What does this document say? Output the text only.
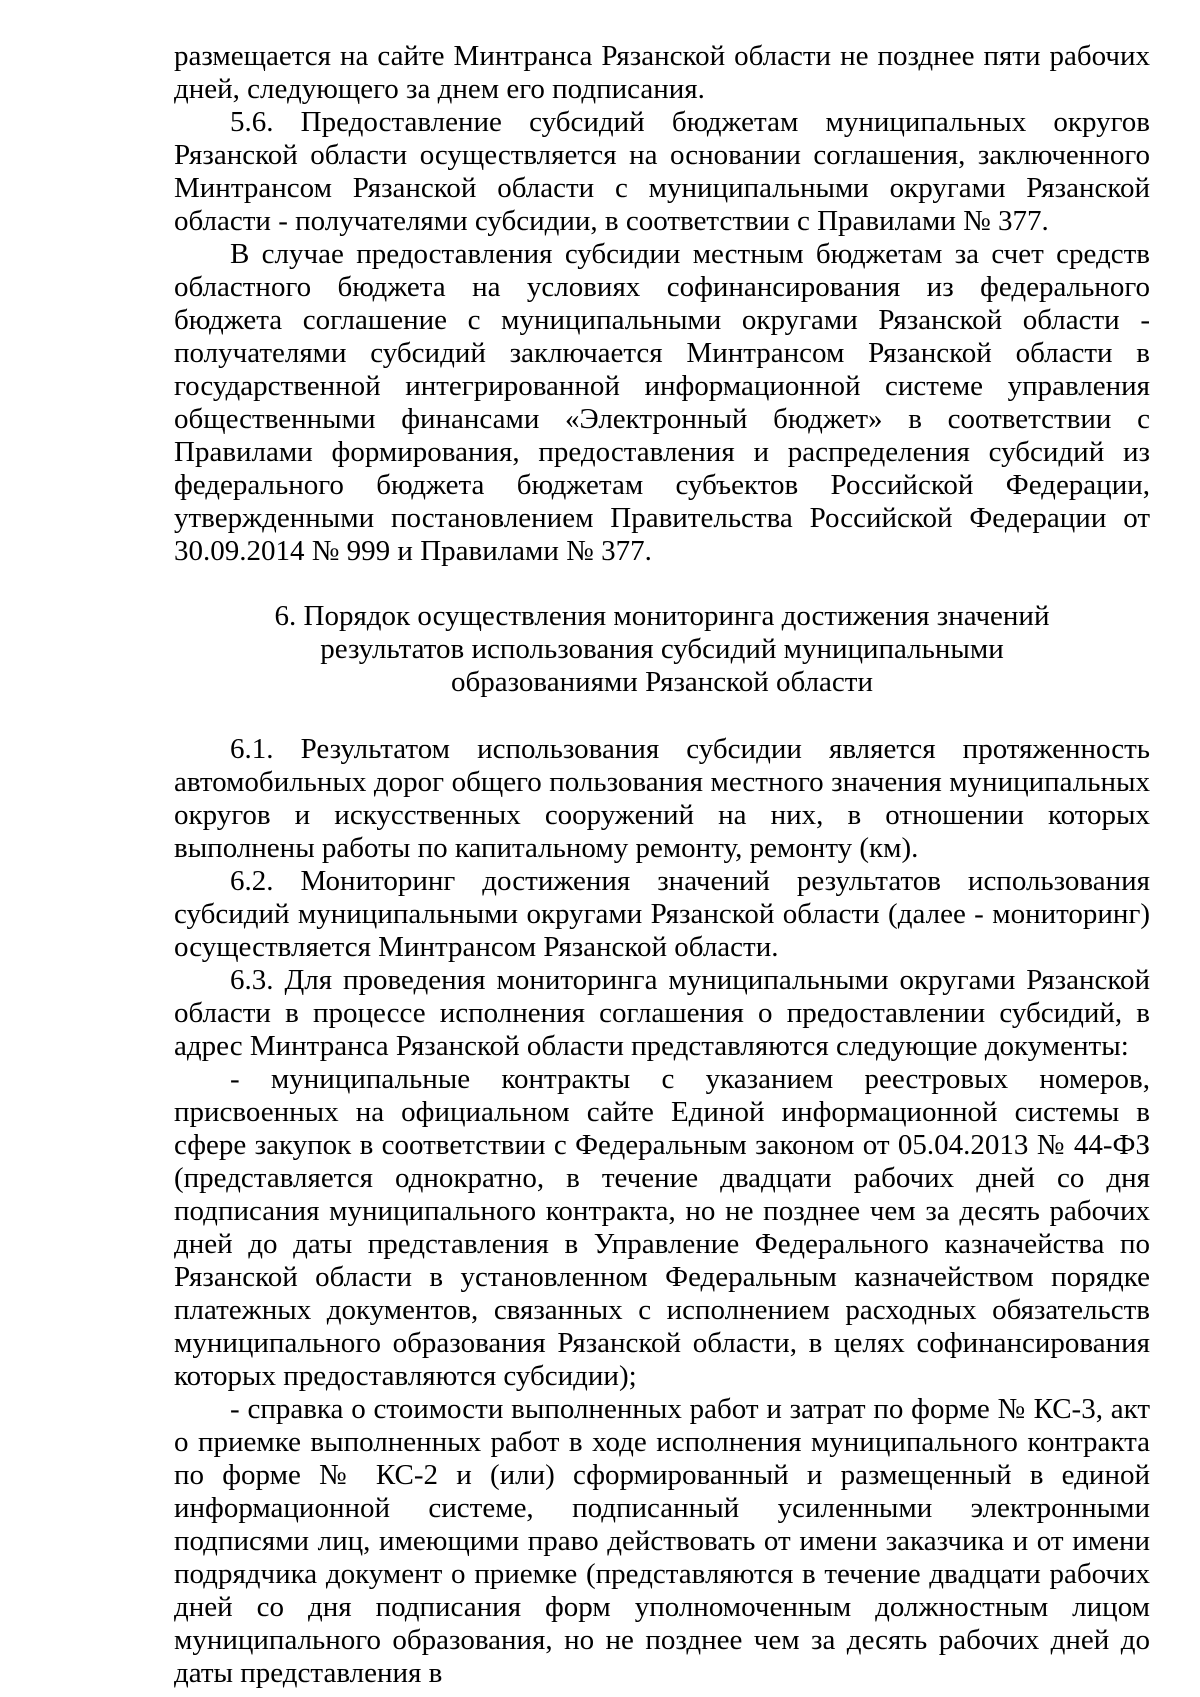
размещается на сайте Минтранса Рязанской области не позднее пяти рабочих дней, следующего за днем его подписания.

5.6. Предоставление субсидий бюджетам муниципальных округов Рязанской области осуществляется на основании соглашения, заключенного Минтрансом Рязанской области с муниципальными округами Рязанской области - получателями субсидии, в соответствии с Правилами № 377.

В случае предоставления субсидии местным бюджетам за счет средств областного бюджета на условиях софинансирования из федерального бюджета соглашение с муниципальными округами Рязанской области - получателями субсидий заключается Минтрансом Рязанской области в государственной интегрированной информационной системе управления общественными финансами «Электронный бюджет» в соответствии с Правилами формирования, предоставления и распределения субсидий из федерального бюджета бюджетам субъектов Российской Федерации, утвержденными постановлением Правительства Российской Федерации от 30.09.2014 № 999 и Правилами № 377.

6. Порядок осуществления мониторинга достижения значений
результатов использования субсидий муниципальными
образованиями Рязанской области

6.1. Результатом использования субсидии является протяженность автомобильных дорог общего пользования местного значения муниципальных округов и искусственных сооружений на них, в отношении которых выполнены работы по капитальному ремонту, ремонту (км).

6.2. Мониторинг достижения значений результатов использования субсидий муниципальными округами Рязанской области (далее - мониторинг) осуществляется Минтрансом Рязанской области.

6.3. Для проведения мониторинга муниципальными округами Рязанской области в процессе исполнения соглашения о предоставлении субсидий, в адрес Минтранса Рязанской области представляются следующие документы:

- муниципальные контракты с указанием реестровых номеров, присвоенных на официальном сайте Единой информационной системы в сфере закупок в соответствии с Федеральным законом от 05.04.2013 № 44-ФЗ (представляется однократно, в течение двадцати рабочих дней со дня подписания муниципального контракта, но не позднее чем за десять рабочих дней до даты представления в Управление Федерального казначейства по Рязанской области в установленном Федеральным казначейством порядке платежных документов, связанных с исполнением расходных обязательств муниципального образования Рязанской области, в целях софинансирования которых предоставляются субсидии);

- справка о стоимости выполненных работ и затрат по форме № КС-3, акт о приемке выполненных работ в ходе исполнения муниципального контракта по форме № КС-2 и (или) сформированный и размещенный в единой информационной системе, подписанный усиленными электронными подписями лиц, имеющими право действовать от имени заказчика и от имени подрядчика документ о приемке (представляются в течение двадцати рабочих дней со дня подписания форм уполномоченным должностным лицом муниципального образования, но не позднее чем за десять рабочих дней до даты представления в
